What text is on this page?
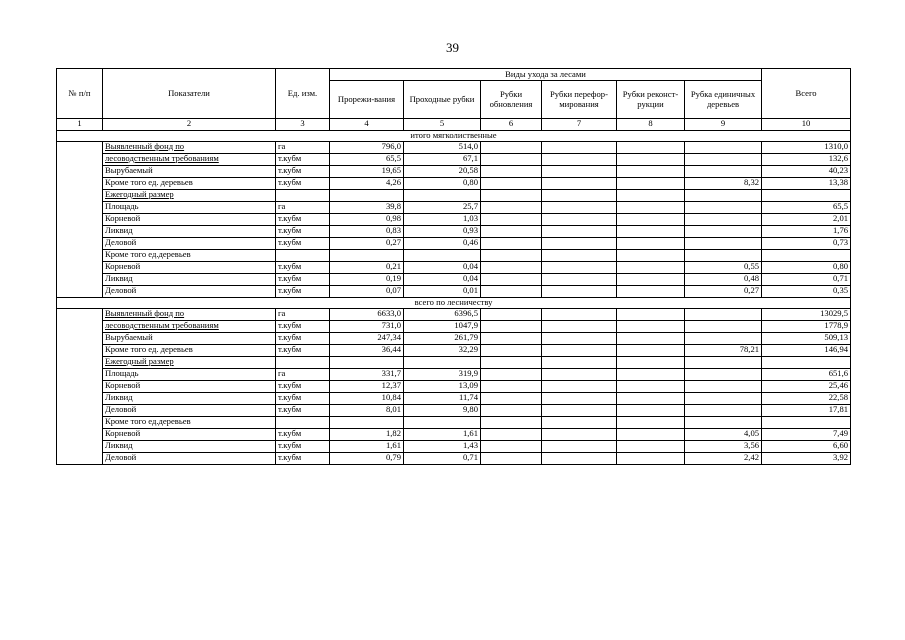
39
№ п/п	Показатели	Ед. изм.	Виды ухода за лесами						Всего
			Прорежи-вания	Проходные рубки	Рубки обновления	Рубки перефор-мирования	Рубки реконст-рукции	Рубка единичных деревьев	
1	2	3	4	5	6	7	8	9	10
итого мягколиственные									
	Выявленный фонд по	га	796,0	514,0					1310,0
	лесоводственным требованиям	т.кубм	65,5	67,1					132,6
	Вырубаемый	т.кубм	19,65	20,58					40,23
	Кроме того ед. деревьев	т.кубм	4,26	0,80				8,32	13,38
	Ежегодный размер								
	Площадь	га	39,8	25,7					65,5
	Корневой	т.кубм	0,98	1,03					2,01
	Ликвид	т.кубм	0,83	0,93					1,76
	Деловой	т.кубм	0,27	0,46					0,73
	Кроме того ед.деревьев								
	Корневой	т.кубм	0,21	0,04				0,55	0,80
	Ликвид	т.кубм	0,19	0,04				0,48	0,71
	Деловой	т.кубм	0,07	0,01				0,27	0,35
всего по лесничеству									
	Выявленный фонд по	га	6633,0	6396,5					13029,5
	лесоводственным требованиям	т.кубм	731,0	1047,9					1778,9
	Вырубаемый	т.кубм	247,34	261,79					509,13
	Кроме того ед. деревьев	т.кубм	36,44	32,29				78,21	146,94
	Ежегодный размер								
	Площадь	га	331,7	319,9					651,6
	Корневой	т.кубм	12,37	13,09					25,46
	Ликвид	т.кубм	10,84	11,74					22,58
	Деловой	т.кубм	8,01	9,80					17,81
	Кроме того ед.деревьев								
	Корневой	т.кубм	1,82	1,61				4,05	7,49
	Ликвид	т.кубм	1,61	1,43				3,56	6,60
	Деловой	т.кубм	0,79	0,71				2,42	3,92
